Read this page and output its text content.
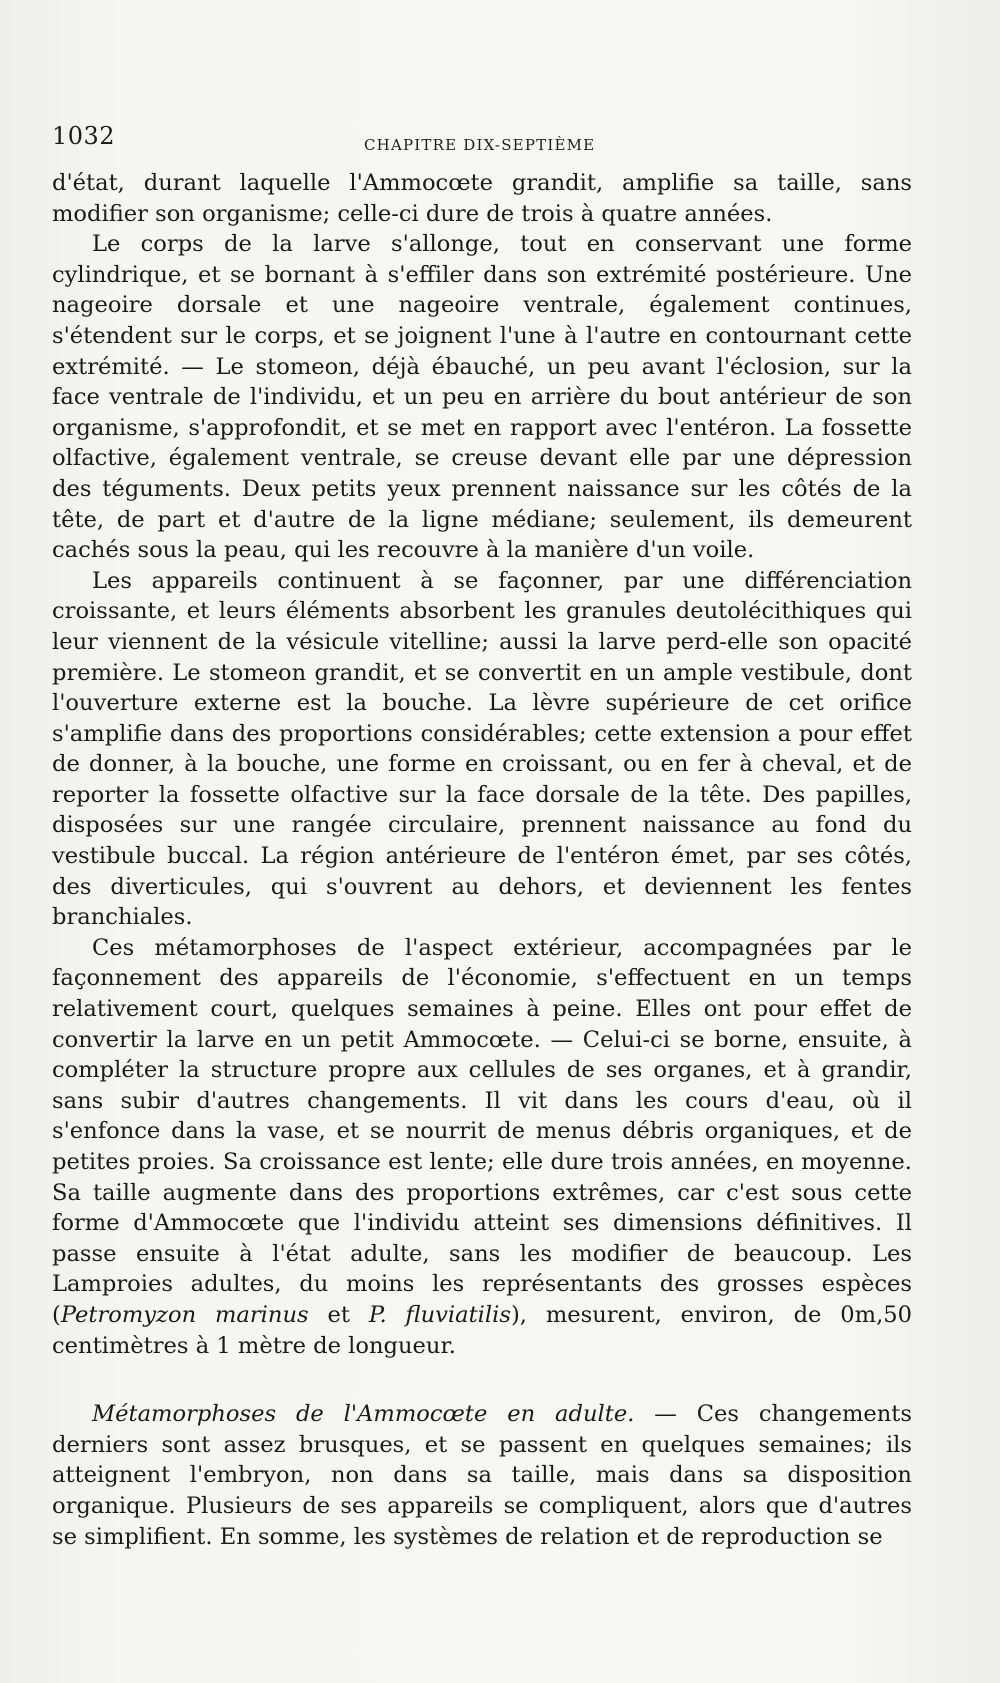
1032	CHAPITRE DIX-SEPTIÈME

d'état, durant laquelle l'Ammocœte grandit, amplifie sa taille, sans modifier son organisme; celle-ci dure de trois à quatre années.

Le corps de la larve s'allonge, tout en conservant une forme cylindrique, et se bornant à s'effiler dans son extrémité postérieure. Une nageoire dorsale et une nageoire ventrale, également continues, s'étendent sur le corps, et se joignent l'une à l'autre en contournant cette extrémité. — Le stomeon, déjà ébauché, un peu avant l'éclosion, sur la face ventrale de l'individu, et un peu en arrière du bout antérieur de son organisme, s'approfondit, et se met en rapport avec l'entéron. La fossette olfactive, également ventrale, se creuse devant elle par une dépression des téguments. Deux petits yeux prennent naissance sur les côtés de la tête, de part et d'autre de la ligne médiane; seulement, ils demeurent cachés sous la peau, qui les recouvre à la manière d'un voile.

Les appareils continuent à se façonner, par une différenciation croissante, et leurs éléments absorbent les granules deutolécithiques qui leur viennent de la vésicule vitelline; aussi la larve perd-elle son opacité première. Le stomeon grandit, et se convertit en un ample vestibule, dont l'ouverture externe est la bouche. La lèvre supérieure de cet orifice s'amplifie dans des proportions considérables; cette extension a pour effet de donner, à la bouche, une forme en croissant, ou en fer à cheval, et de reporter la fossette olfactive sur la face dorsale de la tête. Des papilles, disposées sur une rangée circulaire, prennent naissance au fond du vestibule buccal. La région antérieure de l'entéron émet, par ses côtés, des diverticules, qui s'ouvrent au dehors, et deviennent les fentes branchiales.

Ces métamorphoses de l'aspect extérieur, accompagnées par le façonnement des appareils de l'économie, s'effectuent en un temps relativement court, quelques semaines à peine. Elles ont pour effet de convertir la larve en un petit Ammocœte. — Celui-ci se borne, ensuite, à compléter la structure propre aux cellules de ses organes, et à grandir, sans subir d'autres changements. Il vit dans les cours d'eau, où il s'enfonce dans la vase, et se nourrit de menus débris organiques, et de petites proies. Sa croissance est lente; elle dure trois années, en moyenne. Sa taille augmente dans des proportions extrêmes, car c'est sous cette forme d'Ammocœte que l'individu atteint ses dimensions définitives. Il passe ensuite à l'état adulte, sans les modifier de beaucoup. Les Lamproies adultes, du moins les représentants des grosses espèces (Petromyzon marinus et P. fluviatilis), mesurent, environ, de 0m,50 centimètres à 1 mètre de longueur.

Métamorphoses de l'Ammocœte en adulte. — Ces changements derniers sont assez brusques, et se passent en quelques semaines; ils atteignent l'embryon, non dans sa taille, mais dans sa disposition organique. Plusieurs de ses appareils se compliquent, alors que d'autres se simplifient. En somme, les systèmes de relation et de reproduction se
